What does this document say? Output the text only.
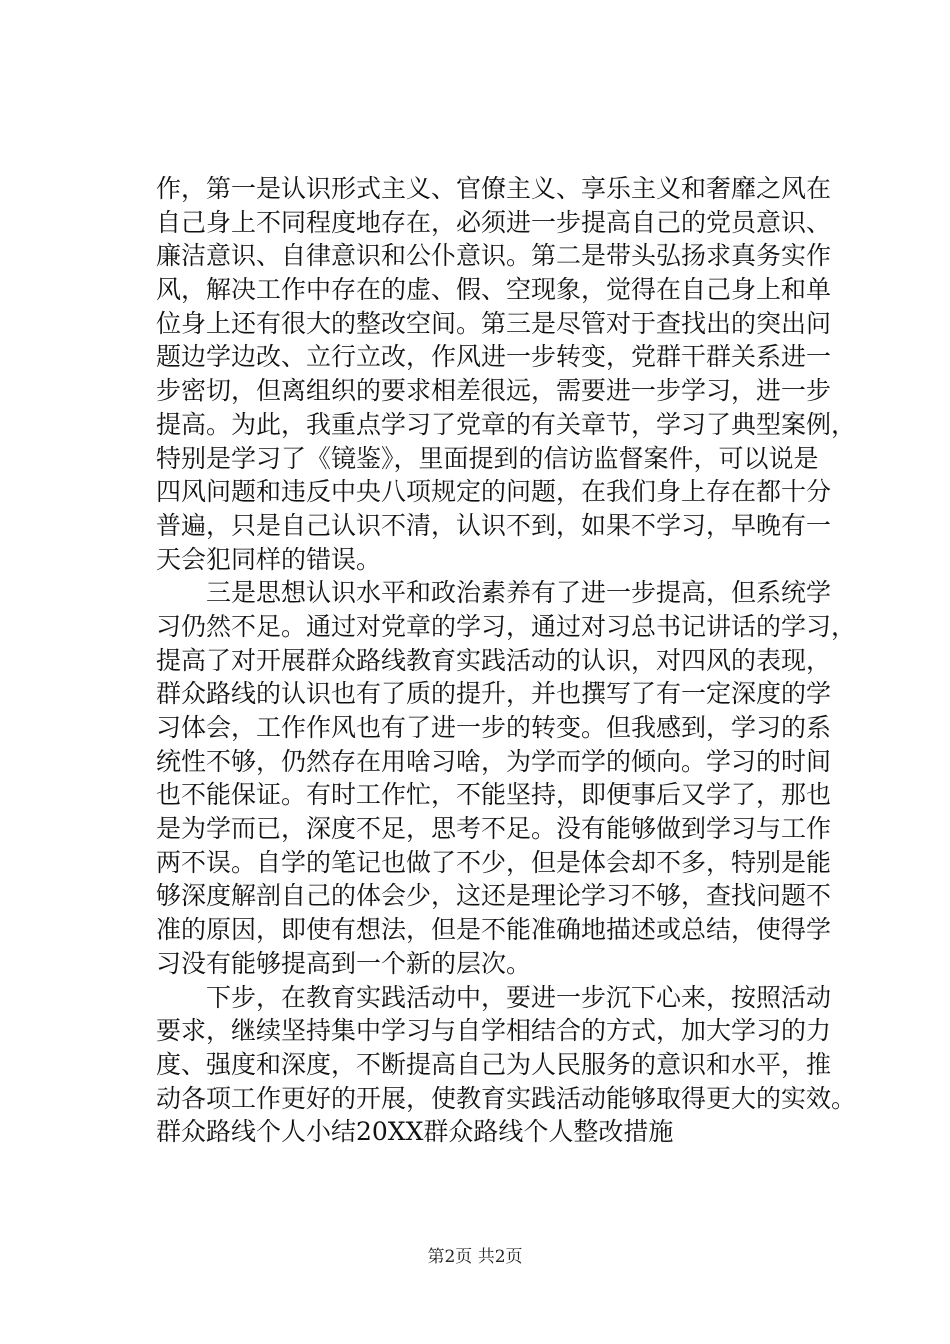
作，第一是认识形式主义、官僚主义、享乐主义和奢靡之风在
自己身上不同程度地存在，必须进一步提高自己的党员意识、
廉洁意识、自律意识和公仆意识。第二是带头弘扬求真务实作
风，解决工作中存在的虚、假、空现象，觉得在自己身上和单
位身上还有很大的整改空间。第三是尽管对于查找出的突出问
题边学边改、立行立改，作风进一步转变，党群干群关系进一
步密切，但离组织的要求相差很远，需要进一步学习，进一步
提高。为此，我重点学习了党章的有关章节，学习了典型案例，
特别是学习了《镜鉴》，里面提到的信访监督案件，可以说是
四风问题和违反中央八项规定的问题，在我们身上存在都十分
普遍，只是自己认识不清，认识不到，如果不学习，早晚有一
天会犯同样的错误。
　　三是思想认识水平和政治素养有了进一步提高，但系统学
习仍然不足。通过对党章的学习，通过对习总书记讲话的学习，
提高了对开展群众路线教育实践活动的认识，对四风的表现，
群众路线的认识也有了质的提升，并也撰写了有一定深度的学
习体会，工作作风也有了进一步的转变。但我感到，学习的系
统性不够，仍然存在用啥习啥，为学而学的倾向。学习的时间
也不能保证。有时工作忙，不能坚持，即便事后又学了，那也
是为学而已，深度不足，思考不足。没有能够做到学习与工作
两不误。自学的笔记也做了不少，但是体会却不多，特别是能
够深度解剖自己的体会少，这还是理论学习不够，查找问题不
准的原因，即使有想法，但是不能准确地描述或总结，使得学
习没有能够提高到一个新的层次。
　　下步，在教育实践活动中，要进一步沉下心来，按照活动
要求，继续坚持集中学习与自学相结合的方式，加大学习的力
度、强度和深度，不断提高自己为人民服务的意识和水平，推
动各项工作更好的开展，使教育实践活动能够取得更大的实效。
群众路线个人小结20XX群众路线个人整改措施
第2页 共2页
